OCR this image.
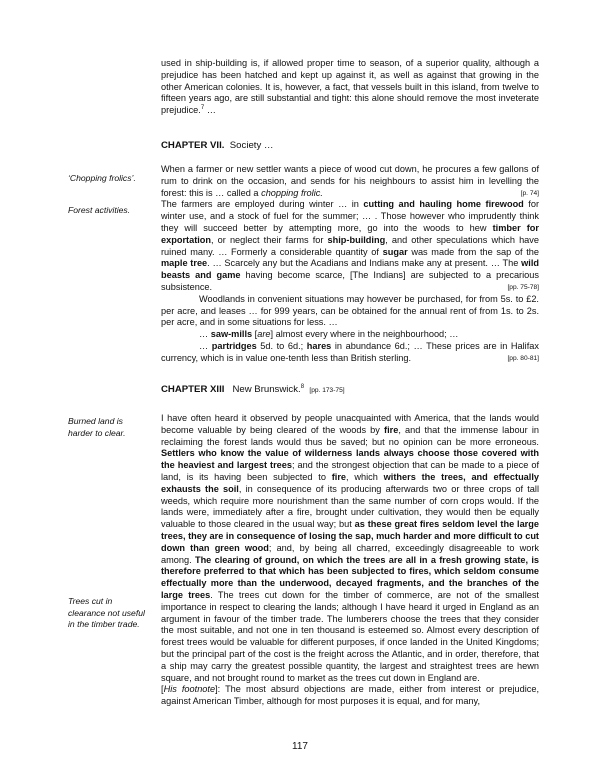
used in ship-building is, if allowed proper time to season, of a superior quality, although a prejudice has been hatched and kept up against it, as well as against that growing in the other American colonies. It is, however, a fact, that vessels built in this island, from twelve to fifteen years ago, are still substantial and tight: this alone should remove the most inveterate prejudice.$^7$ …

CHAPTER VII. Society …
‘Chopping frolics’.
Forest activities.

When a farmer or new settler wants a piece of wood cut down, he procures a few gallons of rum to drink on the occasion, and sends for his neighbours to assist him in levelling the forest: this is … called a chopping frolic.	[p. 74]

The farmers are employed during winter … in cutting and hauling home firewood for winter use, and a stock of fuel for the summer; … . Those however who imprudently think they will succeed better by attempting more, go into the woods to hew timber for exportation, or neglect their farms for ship-building, and other speculations which have ruined many. … Formerly a considerable quantity of sugar was made from the sap of the maple tree. … Scarcely any but the Acadians and Indians make any at present. … The wild beasts and game having become scarce, [The Indians] are subjected to a precarious subsistence.	[pp. 75-78]

Woodlands in convenient situations may however be purchased, for from 5s. to £2. per acre, and leases … for 999 years, can be obtained for the annual rent of from 1s. to 2s. per acre, and in some situations for less. …

… saw-mills [are] almost every where in the neighbourhood; …

… partridges 5d. to 6d.; hares in abundance 6d.; … These prices are in Halifax currency, which is in value one-tenth less than British sterling.	[pp. 80-81]

CHAPTER XIII New Brunswick.$^8$  [pp. 173-75]
Burned land is harder to clear.
Trees cut in clearance not useful in the timber trade.

I have often heard it observed by people unacquainted with America, that the lands would become valuable by being cleared of the woods by fire, and that the immense labour in reclaiming the forest lands would thus be saved; but no opinion can be more erroneous. Settlers who know the value of wilderness lands always choose those covered with the heaviest and largest trees; and the strongest objection that can be made to a piece of land, is its having been subjected to fire, which withers the trees, and effectually exhausts the soil, in consequence of its producing afterwards two or three crops of tall weeds, which require more nourishment than the same number of corn crops would. If the lands were, immediately after a fire, brought under cultivation, they would then be equally valuable to those cleared in the usual way; but as these great fires seldom level the large trees, they are in consequence of losing the sap, much harder and more difficult to cut down than green wood; and, by being all charred, exceedingly disagreeable to work among. The clearing of ground, on which the trees are all in a fresh growing state, is therefore preferred to that which has been subjected to fires, which seldom consume effectually more than the underwood, decayed fragments, and the branches of the large trees. The trees cut down for the timber of commerce, are not of the smallest importance in respect to clearing the lands; although I have heard it urged in England as an argument in favour of the timber trade. The lumberers choose the trees that they consider the most suitable, and not one in ten thousand is esteemed so. Almost every description of forest trees would be valuable for different purposes, if once landed in the United Kingdoms; but the principal part of the cost is the freight across the Atlantic, and in order, therefore, that a ship may carry the greatest possible quantity, the largest and straightest trees are hewn square, and not brought round to market as the trees cut down in England are.

[His footnote]: The most absurd objections are made, either from interest or prejudice, against American Timber, although for most purposes it is equal, and for many,

117
